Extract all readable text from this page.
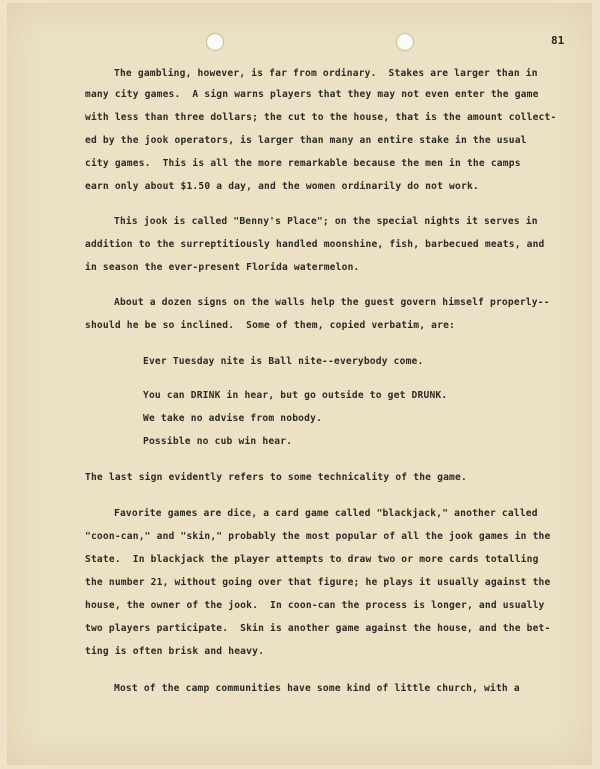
81
The gambling, however, is far from ordinary.  Stakes are larger than in
many city games.  A sign warns players that they may not even enter the game
with less than three dollars; the cut to the house, that is the amount collect-
ed by the jook operators, is larger than many an entire stake in the usual
city games.  This is all the more remarkable because the men in the camps
earn only about $1.50 a day, and the women ordinarily do not work.
This jook is called "Benny's Place"; on the special nights it serves in
addition to the surreptitiously handled moonshine, fish, barbecued meats, and
in season the ever-present Florida watermelon.
About a dozen signs on the walls help the guest govern himself properly--
should he be so inclined.  Some of them, copied verbatim, are:
Ever Tuesday nite is Ball nite--everybody come.
You can DRINK in hear, but go outside to get DRUNK.
We take no advise from nobody.
Possible no cub win hear.
The last sign evidently refers to some technicality of the game.
Favorite games are dice, a card game called "blackjack," another called
"coon-can," and "skin," probably the most popular of all the jook games in the
State.  In blackjack the player attempts to draw two or more cards totalling
the number 21, without going over that figure; he plays it usually against the
house, the owner of the jook.  In coon-can the process is longer, and usually
two players participate.  Skin is another game against the house, and the bet-
ting is often brisk and heavy.
Most of the camp communities have some kind of little church, with a
